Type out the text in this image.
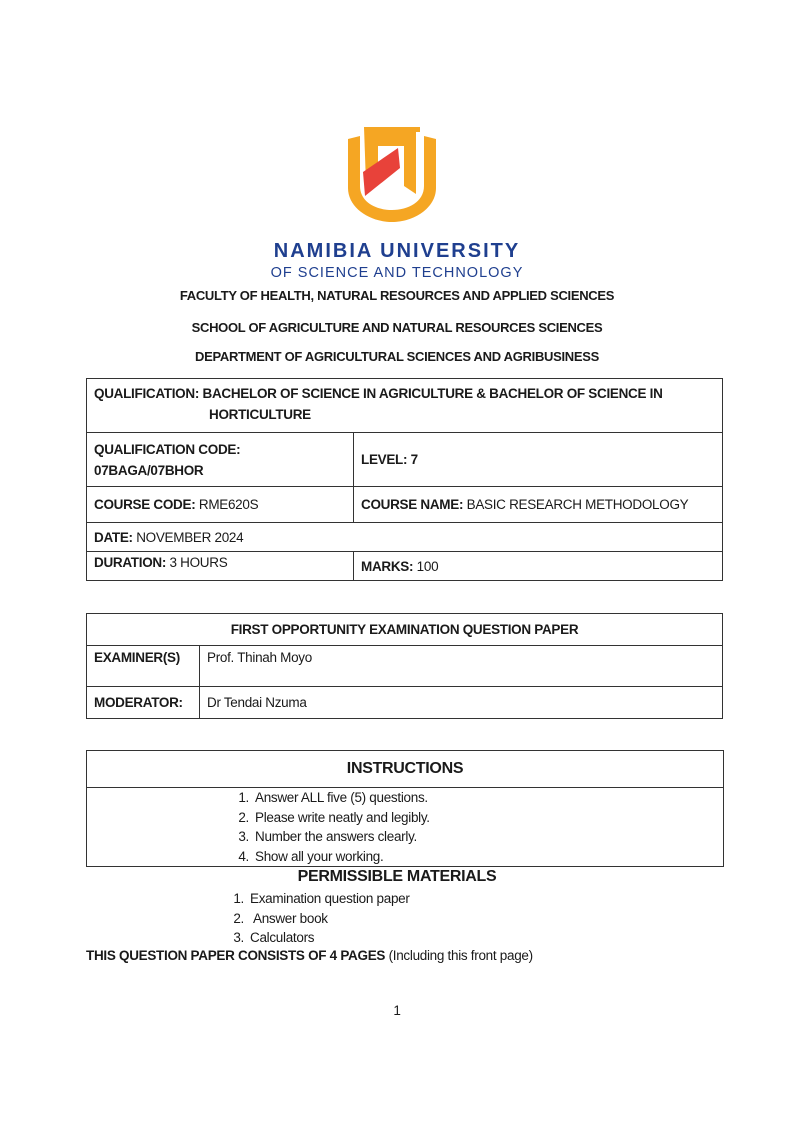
NAMIBIA UNIVERSITY
OF SCIENCE AND TECHNOLOGY
FACULTY OF HEALTH, NATURAL RESOURCES AND APPLIED SCIENCES
SCHOOL OF AGRICULTURE AND NATURAL RESOURCES SCIENCES
DEPARTMENT OF AGRICULTURAL SCIENCES AND AGRIBUSINESS
QUALIFICATION: BACHELOR OF SCIENCE IN AGRICULTURE & BACHELOR OF SCIENCE IN
HORTICULTURE	
QUALIFICATION CODE:
07BAGA/07BHOR	LEVEL: 7
COURSE CODE: RME620S	COURSE NAME: BASIC RESEARCH METHODOLOGY
DATE: NOVEMBER 2024	
DURATION: 3 HOURS	MARKS: 100
FIRST OPPORTUNITY EXAMINATION QUESTION PAPER	
EXAMINER(S)	Prof. Thinah Moyo
MODERATOR:	Dr Tendai Nzuma
INSTRUCTIONS

1. Answer ALL five (5) questions.
2. Please write neatly and legibly.
3. Number the answers clearly.
4. Show all your working.
PERMISSIBLE MATERIALS
1. Examination question paper
2. Answer book
3. Calculators
THIS QUESTION PAPER CONSISTS OF 4 PAGES (Including this front page)
1
